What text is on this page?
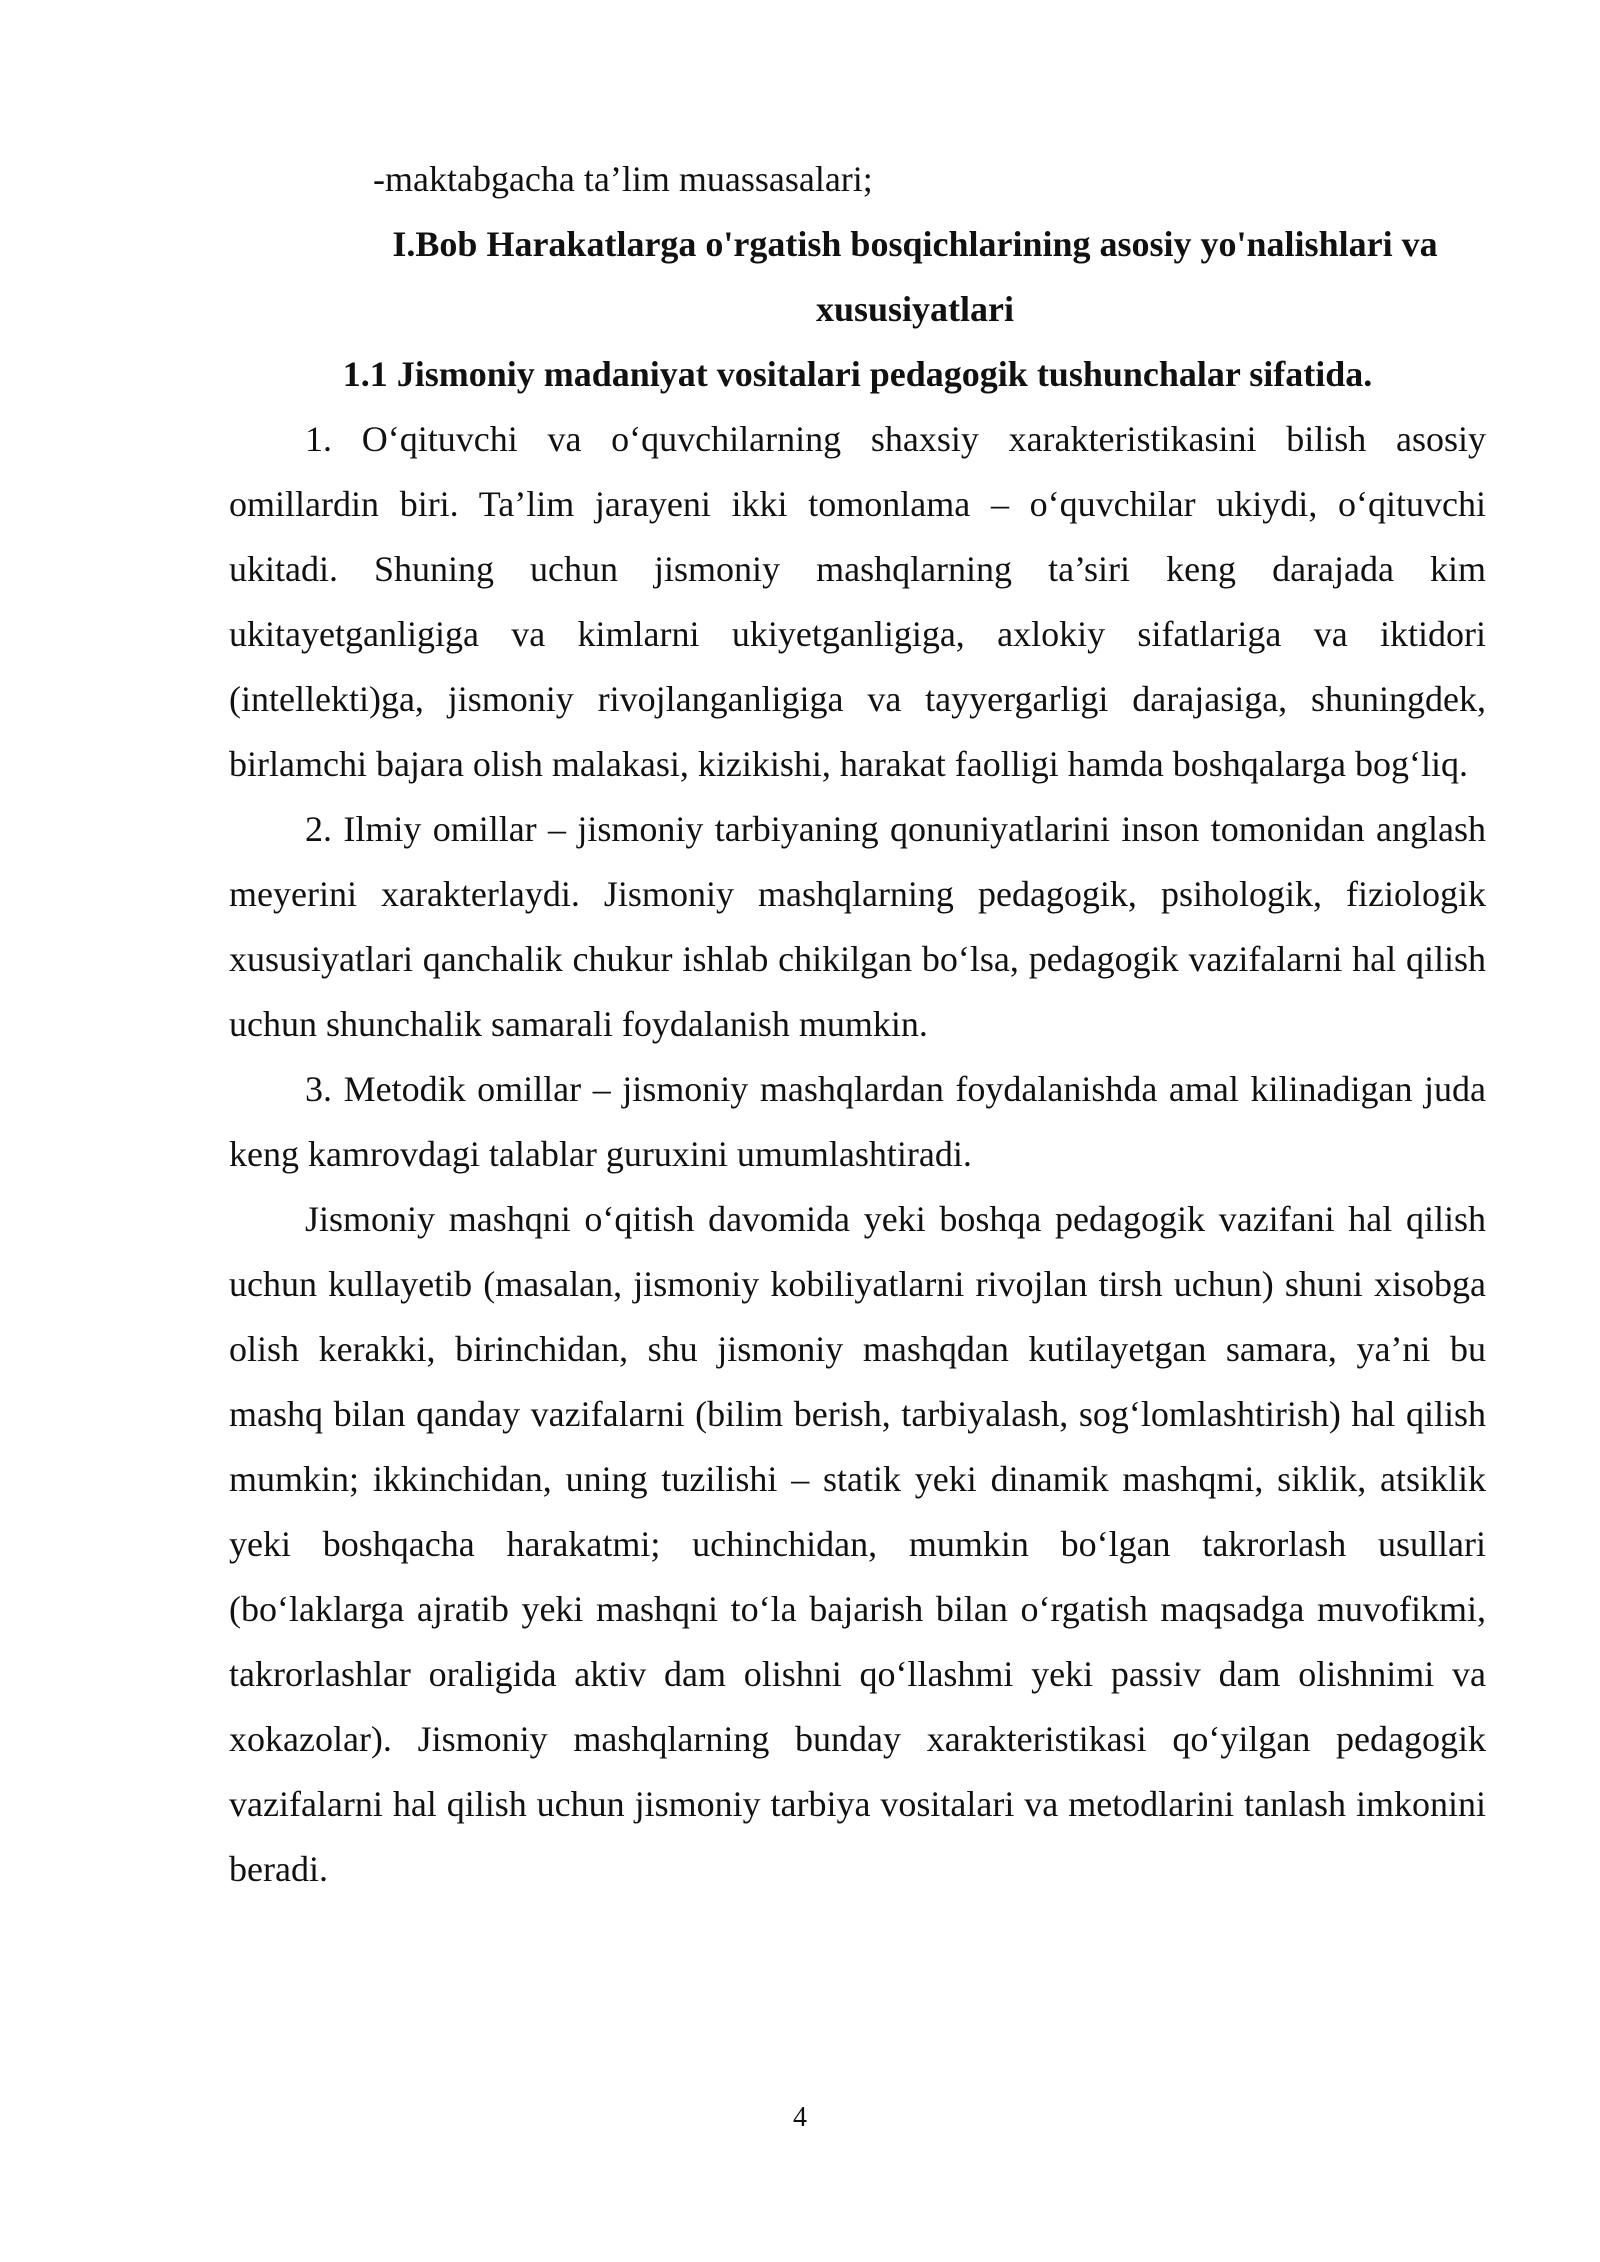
-maktabgacha ta’lim muassasalari;

I.Bob Harakatlarga o'rgatish bosqichlarining asosiy yo'nalishlari va xususiyatlari
1.1 Jismoniy madaniyat vositalari pedagogik tushunchalar sifatida.

1. O‘qituvchi va o‘quvchilarning shaxsiy xarakteristikasini bilish asosiy omillardin biri. Ta’lim jarayeni ikki tomonlama – o‘quvchilar ukiydi, o‘qituvchi ukitadi. Shuning uchun jismoniy mashqlarning ta’siri keng darajada kim ukitayetganligiga va kimlarni ukiyetganligiga, axlokiy sifatlariga va iktidori (intellekti)ga, jismoniy rivojlanganligiga va tayyergarligi darajasiga, shuningdek, birlamchi bajara olish malakasi, kizikishi, harakat faolligi hamda boshqalarga bog‘liq.

2. Ilmiy omillar – jismoniy tarbiyaning qonuniyatlarini inson tomonidan anglash meyerini xarakterlaydi. Jismoniy mashqlarning pedagogik, psihologik, fiziologik xususiyatlari qanchalik chukur ishlab chikilgan bo‘lsa, pedagogik vazifalarni hal qilish uchun shunchalik samarali foydalanish mumkin.

3. Metodik omillar – jismoniy mashqlardan foydalanishda amal kilinadigan juda keng kamrovdagi talablar guruxini umumlashtiradi.

Jismoniy mashqni o‘qitish davomida yeki boshqa pedagogik vazifani hal qilish uchun kullayetib (masalan, jismoniy kobiliyatlarni rivojlan tirsh uchun) shuni xisobga olish kerakki, birinchidan, shu jismoniy mashqdan kutilayetgan samara, ya’ni bu mashq bilan qanday vazifalarni (bilim berish, tarbiyalash, sog‘lomlashtirish) hal qilish mumkin; ikkinchidan, uning tuzilishi – statik yeki dinamik mashqmi, siklik, atsiklik yeki boshqacha harakatmi; uchinchidan, mumkin bo‘lgan takrorlash usullari (bo‘laklarga ajratib yeki mashqni to‘la bajarish bilan o‘rgatish maqsadga muvofikmi, takrorlashlar oraligida aktiv dam olishni qo‘llashmi yeki passiv dam olishnimi va xokazolar). Jismoniy mashqlarning bunday xarakteristikasi qo‘yilgan pedagogik vazifalarni hal qilish uchun jismoniy tarbiya vositalari va metodlarini tanlash imkonini beradi.

4
